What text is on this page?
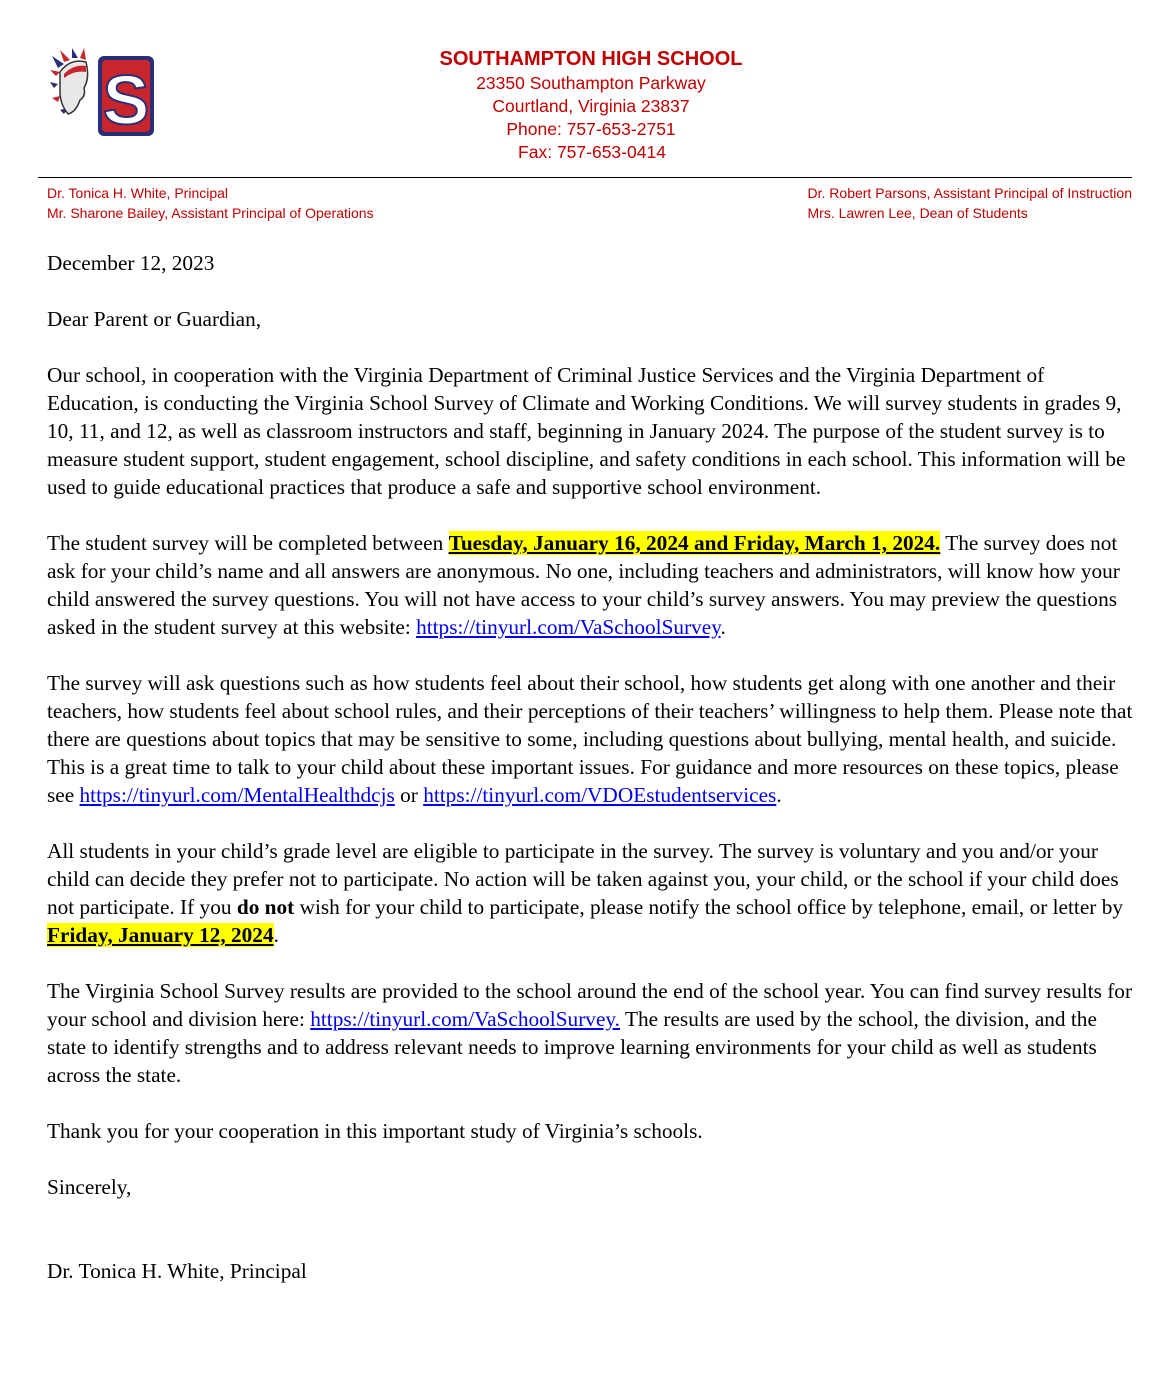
S
SOUTHAMPTON HIGH SCHOOL
23350 Southampton Parkway
Courtland, Virginia 23837
Phone: 757-653-2751
Fax: 757-653-0414
Dr. Tonica H. White, Principal
Mr. Sharone Bailey, Assistant Principal of Operations
Dr. Robert Parsons, Assistant Principal of Instruction
Mrs. Lawren Lee, Dean of Students

December 12, 2023

Dear Parent or Guardian,

Our school, in cooperation with the Virginia Department of Criminal Justice Services and the Virginia Department of Education, is conducting the Virginia School Survey of Climate and Working Conditions. We will survey students in grades 9, 10, 11, and 12, as well as classroom instructors and staff, beginning in January 2024. The purpose of the student survey is to measure student support, student engagement, school discipline, and safety conditions in each school. This information will be used to guide educational practices that produce a safe and supportive school environment.

The student survey will be completed between Tuesday, January 16, 2024 and Friday, March 1, 2024. The survey does not ask for your child’s name and all answers are anonymous. No one, including teachers and administrators, will know how your child answered the survey questions. You will not have access to your child’s survey answers. You may preview the questions asked in the student survey at this website: https://tinyurl.com/VaSchoolSurvey.

The survey will ask questions such as how students feel about their school, how students get along with one another and their teachers, how students feel about school rules, and their perceptions of their teachers’ willingness to help them. Please note that there are questions about topics that may be sensitive to some, including questions about bullying, mental health, and suicide. This is a great time to talk to your child about these important issues. For guidance and more resources on these topics, please see https://tinyurl.com/MentalHealthdcjs or https://tinyurl.com/VDOEstudentservices.

All students in your child’s grade level are eligible to participate in the survey. The survey is voluntary and you and/or your child can decide they prefer not to participate. No action will be taken against you, your child, or the school if your child does not participate. If you do not wish for your child to participate, please notify the school office by telephone, email, or letter by Friday, January 12, 2024.

The Virginia School Survey results are provided to the school around the end of the school year. You can find survey results for your school and division here: https://tinyurl.com/VaSchoolSurvey. The results are used by the school, the division, and the state to identify strengths and to address relevant needs to improve learning environments for your child as well as students across the state.

Thank you for your cooperation in this important study of Virginia’s schools.

Sincerely,

Dr. Tonica H. White, Principal
